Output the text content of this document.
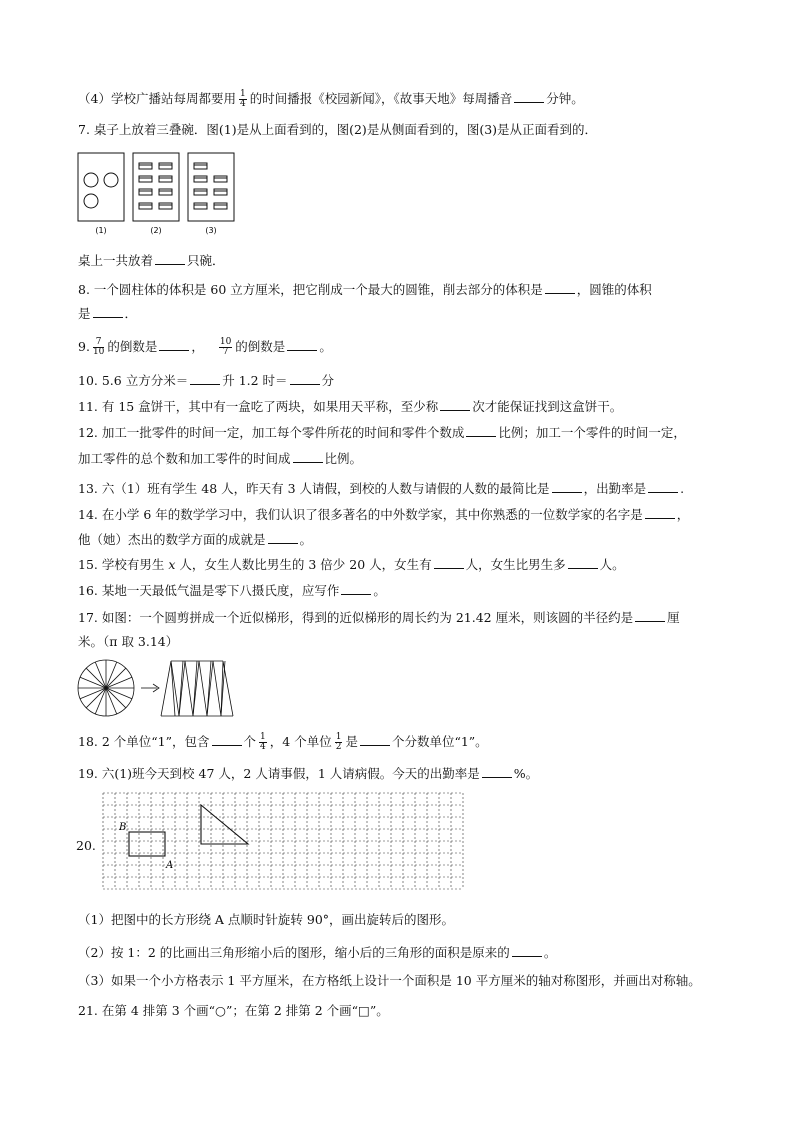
（4）学校广播站每周都要用 $\frac{1}{4}$ 的时间播报《校园新闻》，《故事天地》每周播音	分钟。
7. 桌子上放着三叠碗．图(1)是从上面看到的，图(2)是从侧面看到的，图(3)是从正面看到的．
(1)	(2)	(3)
桌上一共放着	只碗．
8. 一个圆柱体的体积是 60 立方厘米，把它削成一个最大的圆锥，削去部分的体积是	，圆锥的体积
是	．
9. $\frac{7}{10}$ 的倒数是	， $\frac{10}{7}$ 的倒数是	。
10. 5.6 立方分米＝	升 1.2 时＝	分
11. 有 15 盒饼干，其中有一盒吃了两块，如果用天平称，至少称	次才能保证找到这盒饼干。
12. 加工一批零件的时间一定，加工每个零件所花的时间和零件个数成	比例；加工一个零件的时间一定，
加工零件的总个数和加工零件的时间成	比例。
13. 六（1）班有学生 48 人，昨天有 3 人请假，到校的人数与请假的人数的最简比是	，出勤率是	.
14. 在小学 6 年的数学学习中，我们认识了很多著名的中外数学家，其中你熟悉的一位数学家的名字是	，
他（她）杰出的数学方面的成就是	。
15. 学校有男生 x 人，女生人数比男生的 3 倍少 20 人，女生有	人，女生比男生多	人。
16. 某地一天最低气温是零下八摄氏度，应写作	。
17. 如图：一个圆剪拼成一个近似梯形，得到的近似梯形的周长约为 21.42 厘米，则该圆的半径约是	厘
米。（π 取 3.14）
18. 2 个单位“1”，包含	个 $\frac{1}{4}$ ，4 个单位 $\frac{1}{2}$ 是	个分数单位“1”。
19. 六(1)班今天到校 47 人，2 人请事假，1 人请病假。今天的出勤率是	%。
20.
B
A
（1）把图中的长方形绕 A 点顺时针旋转 90°，画出旋转后的图形。
（2）按 1：2 的比画出三角形缩小后的图形，缩小后的三角形的面积是原来的	。
（3）如果一个小方格表示 1 平方厘米，在方格纸上设计一个面积是 10 平方厘米的轴对称图形，并画出对称轴。
21. 在第 4 排第 3 个画“○”；在第 2 排第 2 个画“□”。
